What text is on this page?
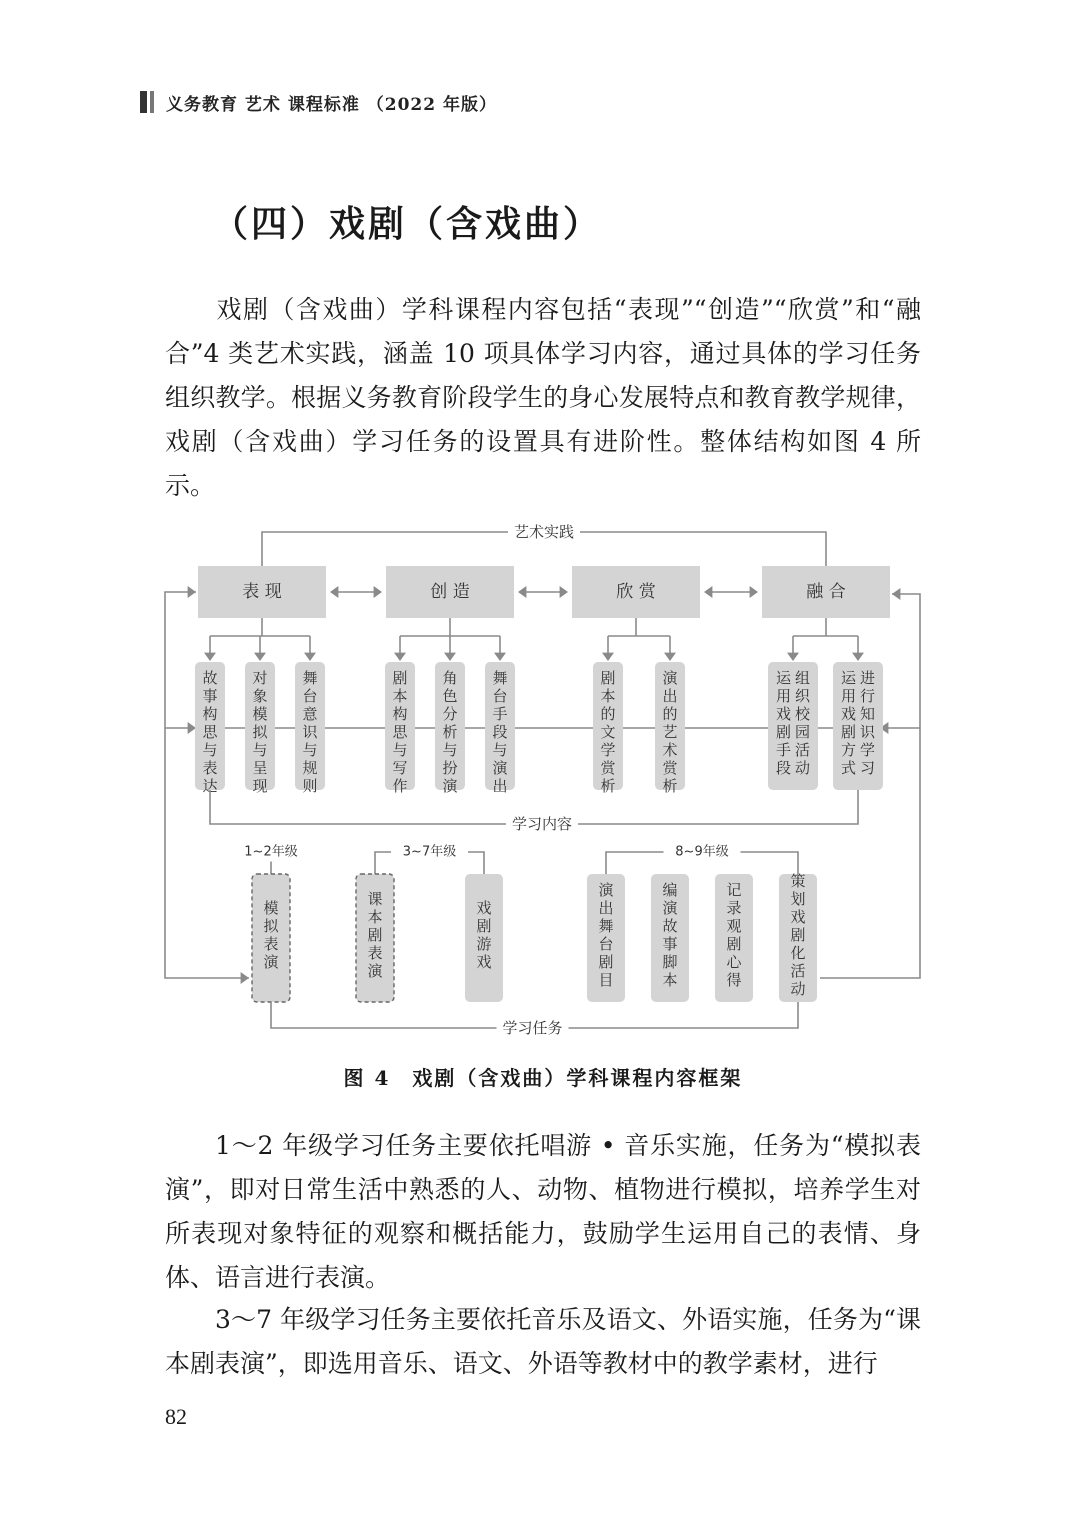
义务教育 艺术 课程标准 （2022 年版）
（四）戏剧（含戏曲）

戏剧（含戏曲）学科课程内容包括“表现”“创造”“欣赏”和“融合”4 类艺术实践，涵盖 10 项具体学习内容，通过具体的学习任务组织教学。根据义务教育阶段学生的身心发展特点和教育教学规律，戏剧（含戏曲）学习任务的设置具有进阶性。整体结构如图 4 所示。

艺术实践
表 现	创 造	欣 赏	融 合
故事构思与表达
对象模拟与呈现
舞台意识与规则
剧本构思与写作
角色分析与扮演
舞台手段与演出
剧本的文学赏析
演出的艺术赏析
运用戏剧手段
组织校园活动
运用戏剧方式
进行知识学习
学习内容
1~2年级
模拟表演
3~7年级
课本剧表演
戏剧游戏
8~9年级
演出舞台剧目
编演故事脚本
记录观剧心得
策划戏剧化活动
学习任务
图 4　戏剧（含戏曲）学科课程内容框架

1～2 年级学习任务主要依托唱游 • 音乐实施，任务为“模拟表演”，即对日常生活中熟悉的人、动物、植物进行模拟，培养学生对所表现对象特征的观察和概括能力，鼓励学生运用自己的表情、身体、语言进行表演。

3～7 年级学习任务主要依托音乐及语文、外语实施，任务为“课本剧表演”，即选用音乐、语文、外语等教材中的教学素材，进行

82
